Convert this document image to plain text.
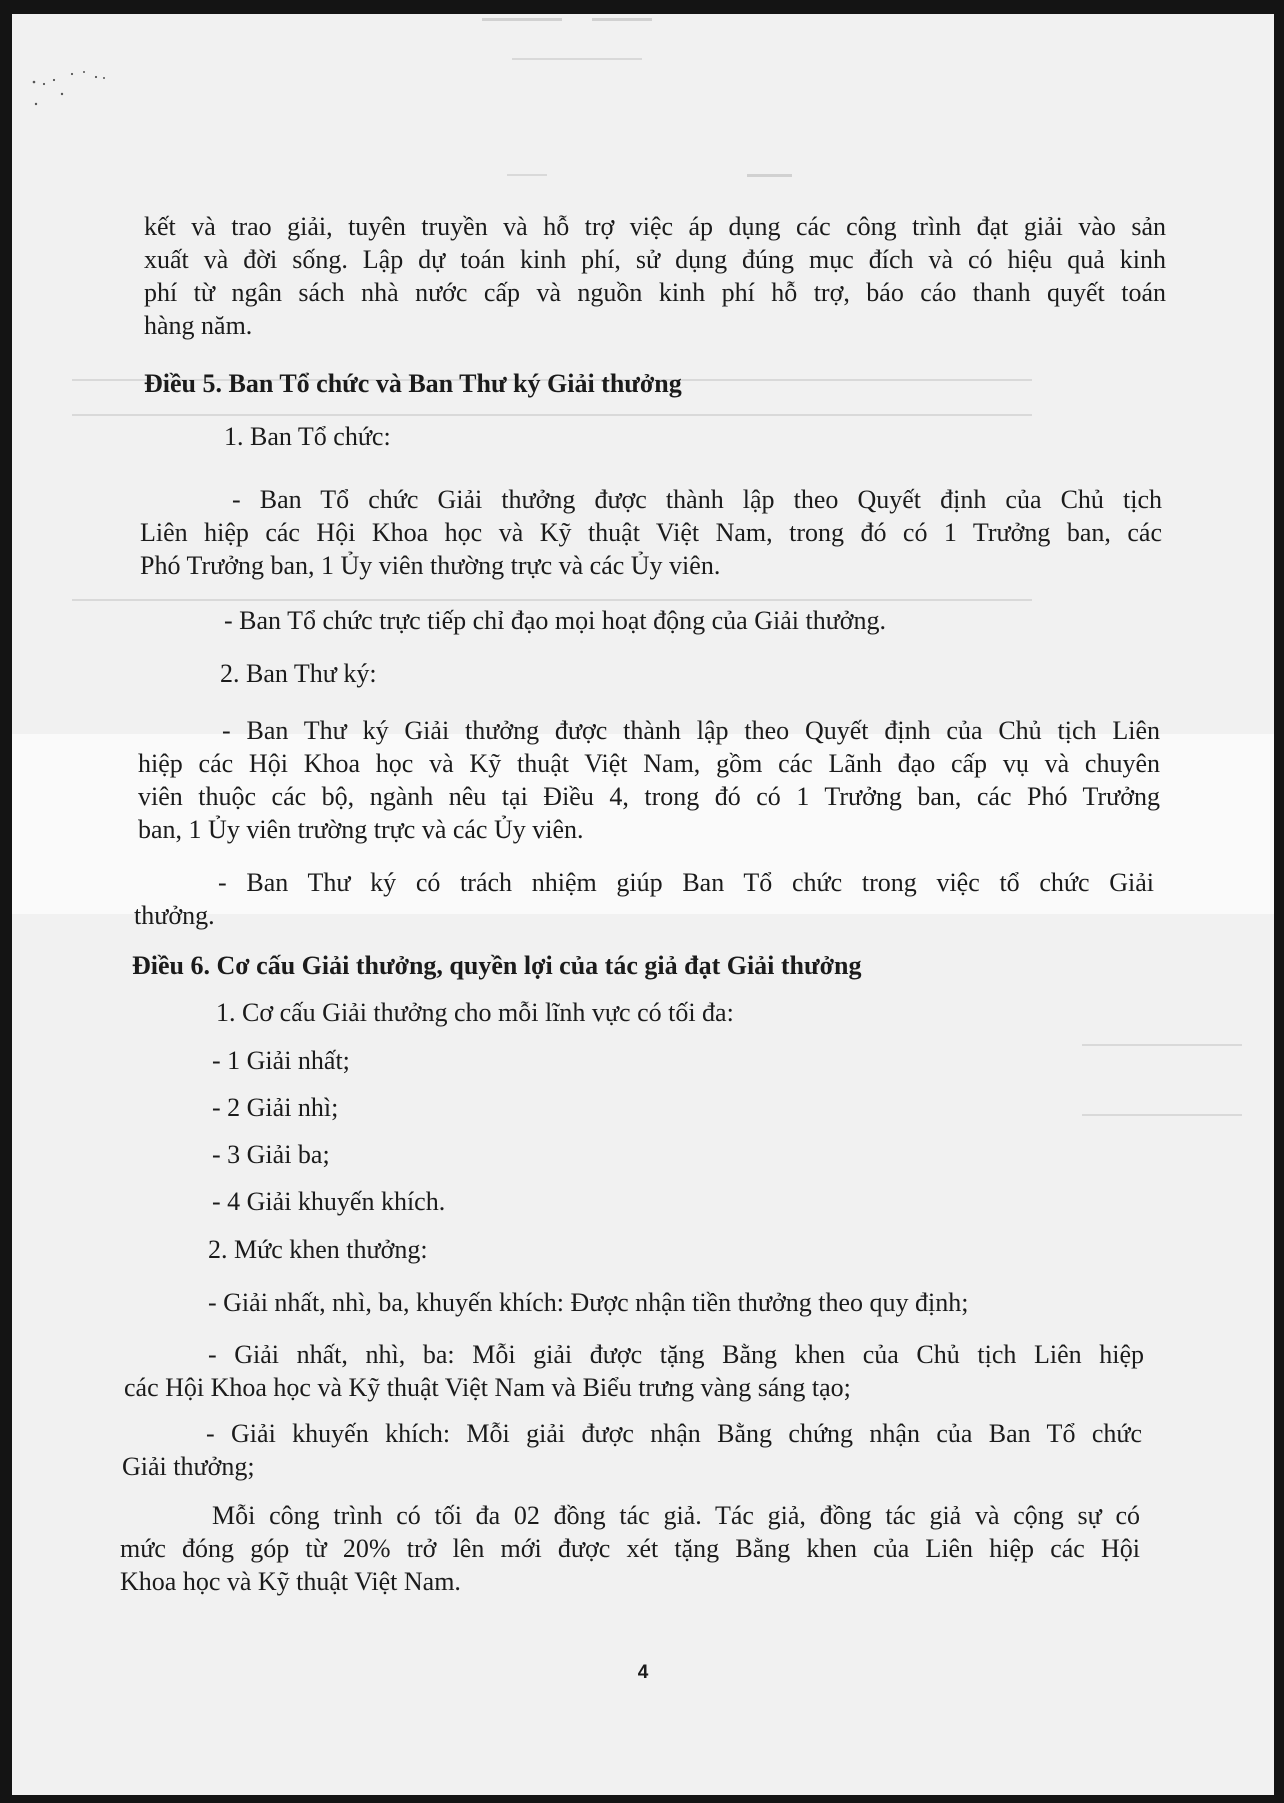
kết và trao giải, tuyên truyền và hỗ trợ việc áp dụng các công trình đạt giải vào sản

xuất và đời sống. Lập dự toán kinh phí, sử dụng đúng mục đích và có hiệu quả kinh

phí từ ngân sách nhà nước cấp và nguồn kinh phí hỗ trợ, báo cáo thanh quyết toán

hàng năm.

Điều 5. Ban Tổ chức và Ban Thư ký Giải thưởng
1. Ban Tổ chức:

- Ban Tổ chức Giải thưởng được thành lập theo Quyết định của Chủ tịch

Liên hiệp các Hội Khoa học và Kỹ thuật Việt Nam, trong đó có 1 Trưởng ban, các

Phó Trưởng ban, 1 Ủy viên thường trực và các Ủy viên.

- Ban Tổ chức trực tiếp chỉ đạo mọi hoạt động của Giải thưởng.
2. Ban Thư ký:

- Ban Thư ký Giải thưởng được thành lập theo Quyết định của Chủ tịch Liên

hiệp các Hội Khoa học và Kỹ thuật Việt Nam, gồm các Lãnh đạo cấp vụ và chuyên

viên thuộc các bộ, ngành nêu tại Điều 4, trong đó có 1 Trưởng ban, các Phó Trưởng

ban, 1 Ủy viên trường trực và các Ủy viên.

- Ban Thư ký có trách nhiệm giúp Ban Tổ chức trong việc tổ chức Giải

thưởng.

Điều 6. Cơ cấu Giải thưởng, quyền lợi của tác giả đạt Giải thưởng
1. Cơ cấu Giải thưởng cho mỗi lĩnh vực có tối đa:

- 1 Giải nhất;

- 2 Giải nhì;

- 3 Giải ba;

- 4 Giải khuyến khích.

2. Mức khen thưởng:
- Giải nhất, nhì, ba, khuyến khích: Được nhận tiền thưởng theo quy định;

- Giải nhất, nhì, ba: Mỗi giải được tặng Bằng khen của Chủ tịch Liên hiệp

các Hội Khoa học và Kỹ thuật Việt Nam và Biểu trưng vàng sáng tạo;

- Giải khuyến khích: Mỗi giải được nhận Bằng chứng nhận của Ban Tổ chức

Giải thưởng;

Mỗi công trình có tối đa 02 đồng tác giả. Tác giả, đồng tác giả và cộng sự có

mức đóng góp từ 20% trở lên mới được xét tặng Bằng khen của Liên hiệp các Hội

Khoa học và Kỹ thuật Việt Nam.

4
